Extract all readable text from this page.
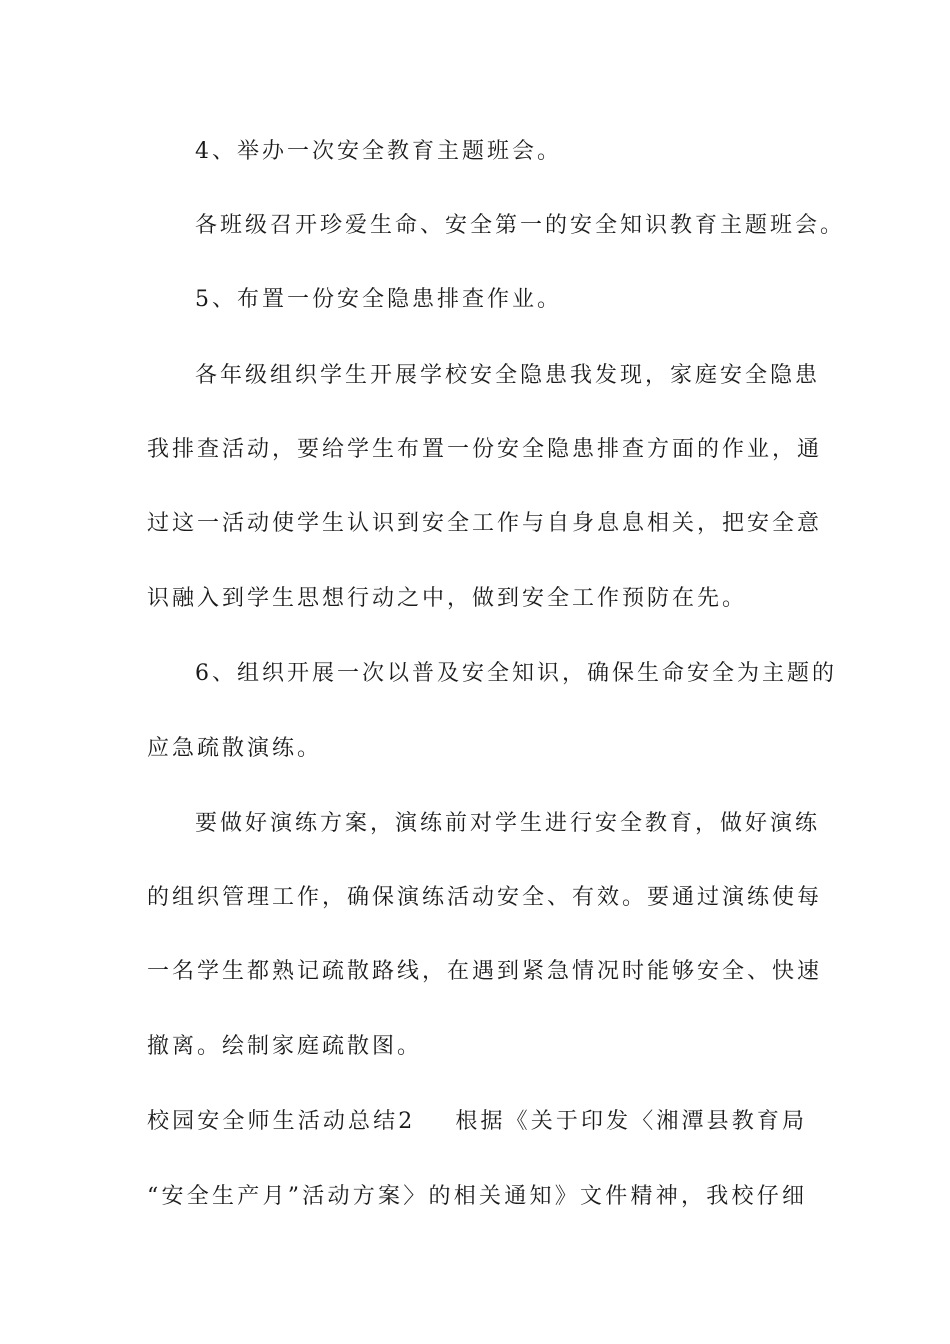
4、举办一次安全教育主题班会。
各班级召开珍爱生命、安全第一的安全知识教育主题班会。
5、布置一份安全隐患排查作业。
各年级组织学生开展学校安全隐患我发现，家庭安全隐患
我排查活动，要给学生布置一份安全隐患排查方面的作业，通
过这一活动使学生认识到安全工作与自身息息相关，把安全意
识融入到学生思想行动之中，做到安全工作预防在先。
6、组织开展一次以普及安全知识，确保生命安全为主题的
应急疏散演练。
要做好演练方案，演练前对学生进行安全教育，做好演练
的组织管理工作，确保演练活动安全、有效。要通过演练使每
一名学生都熟记疏散路线，在遇到紧急情况时能够安全、快速
撤离。绘制家庭疏散图。
校园安全师生活动总结2 根据《关于印发〈湘潭县教育局
“安全生产月”活动方案〉的相关通知》文件精神，我校仔细
